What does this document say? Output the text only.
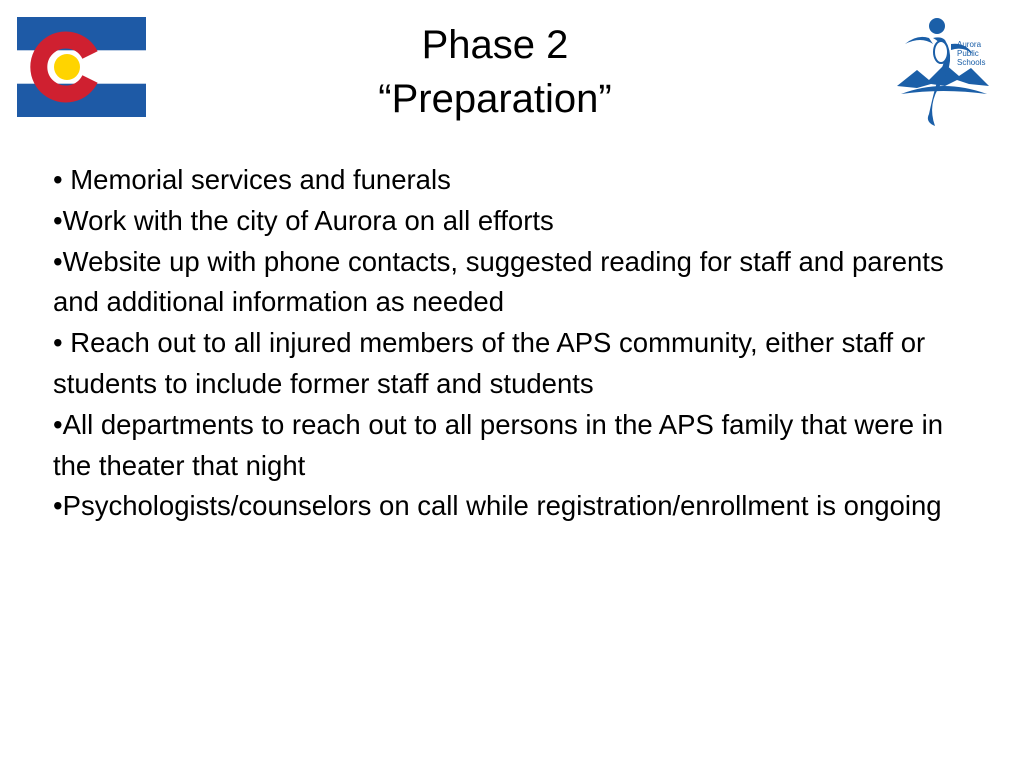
Phase 2
“Preparation”
Aurora
Public
Schools
• Memorial services and funerals
•Work with the city of Aurora on all efforts
•Website up with phone contacts, suggested reading for staff and parents and additional information as needed
• Reach out to all injured members of the APS community, either staff or students to include former staff and students
•All departments to reach out to all persons in the APS family that were in the theater that night
•Psychologists/counselors on call while registration/enrollment is ongoing
